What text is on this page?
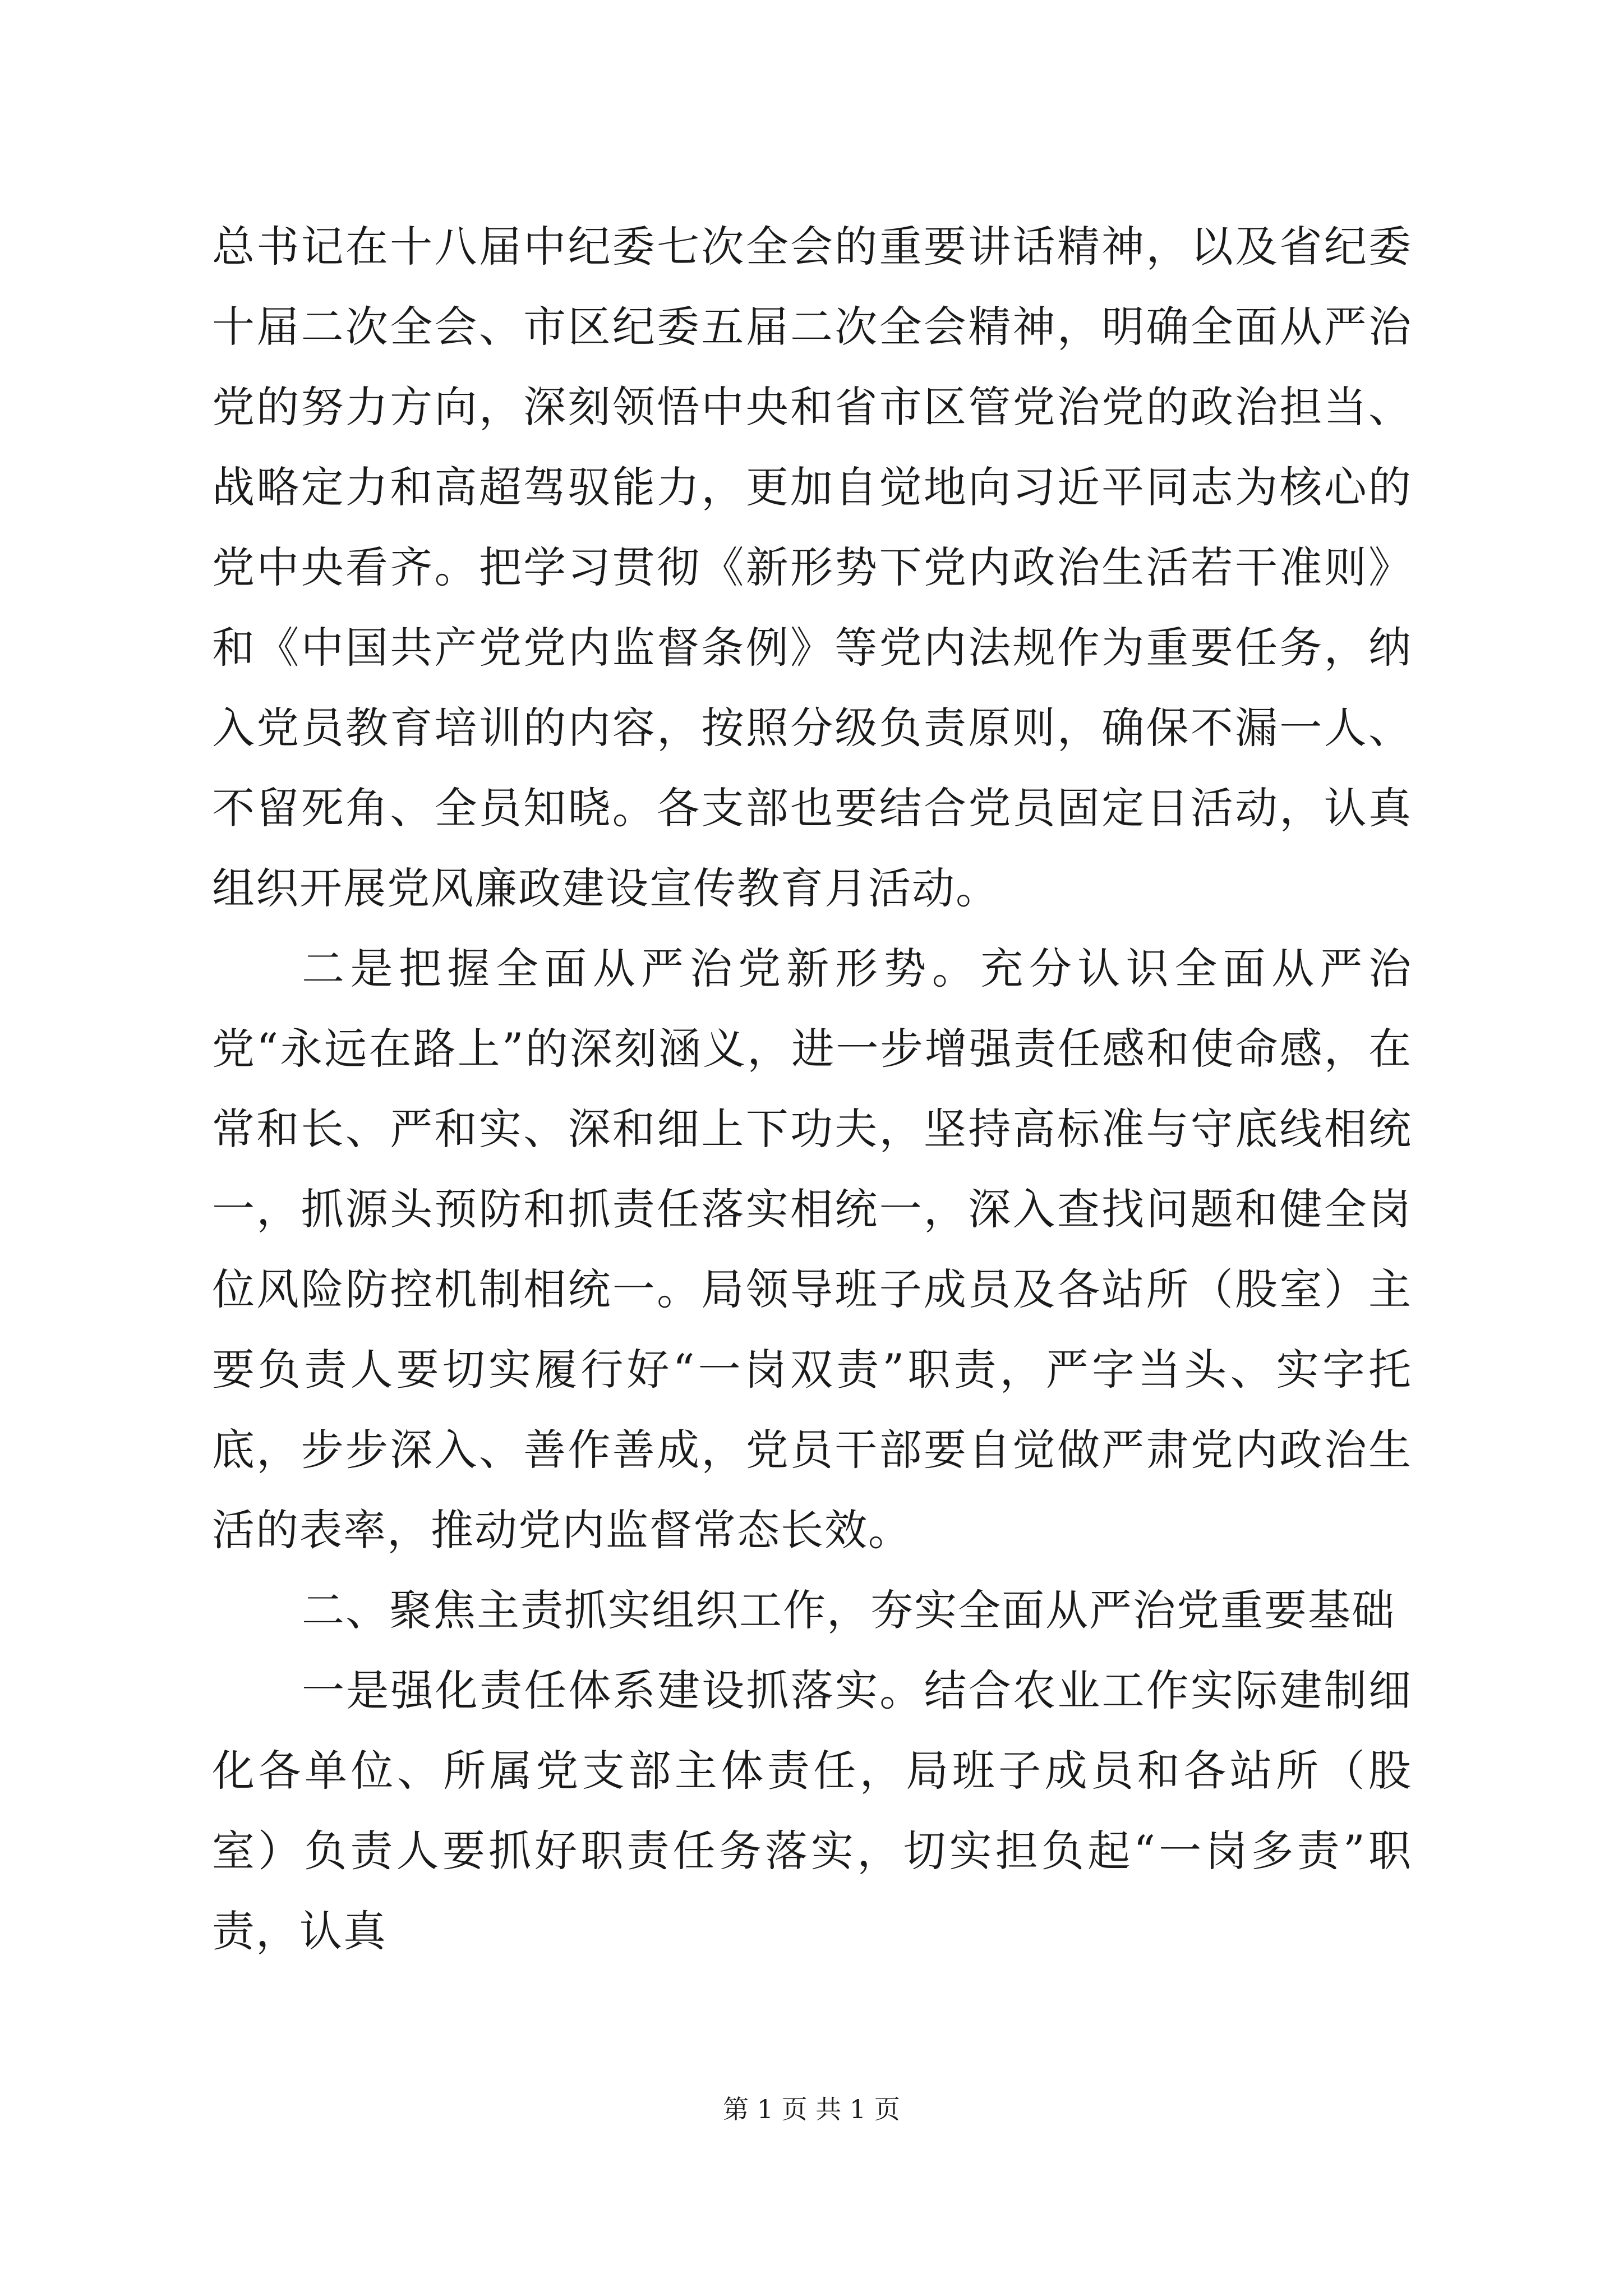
总书记在十八届中纪委七次全会的重要讲话精神，以及省纪委十届二次全会、市区纪委五届二次全会精神，明确全面从严治党的努力方向，深刻领悟中央和省市区管党治党的政治担当、战略定力和高超驾驭能力，更加自觉地向习近平同志为核心的党中央看齐。把学习贯彻《新形势下党内政治生活若干准则》和《中国共产党党内监督条例》等党内法规作为重要任务，纳入党员教育培训的内容，按照分级负责原则，确保不漏一人、不留死角、全员知晓。各支部也要结合党员固定日活动，认真组织开展党风廉政建设宣传教育月活动。

二是把握全面从严治党新形势。充分认识全面从严治党“永远在路上”的深刻涵义，进一步增强责任感和使命感，在常和长、严和实、深和细上下功夫，坚持高标准与守底线相统一，抓源头预防和抓责任落实相统一，深入查找问题和健全岗位风险防控机制相统一。局领导班子成员及各站所（股室）主要负责人要切实履行好“一岗双责”职责，严字当头、实字托底，步步深入、善作善成，党员干部要自觉做严肃党内政治生活的表率，推动党内监督常态长效。

二、聚焦主责抓实组织工作，夯实全面从严治党重要基础

一是强化责任体系建设抓落实。结合农业工作实际建制细化各单位、所属党支部主体责任，局班子成员和各站所（股室）负责人要抓好职责任务落实，切实担负起“一岗多责”职责，认真

第 1 页 共 1 页
